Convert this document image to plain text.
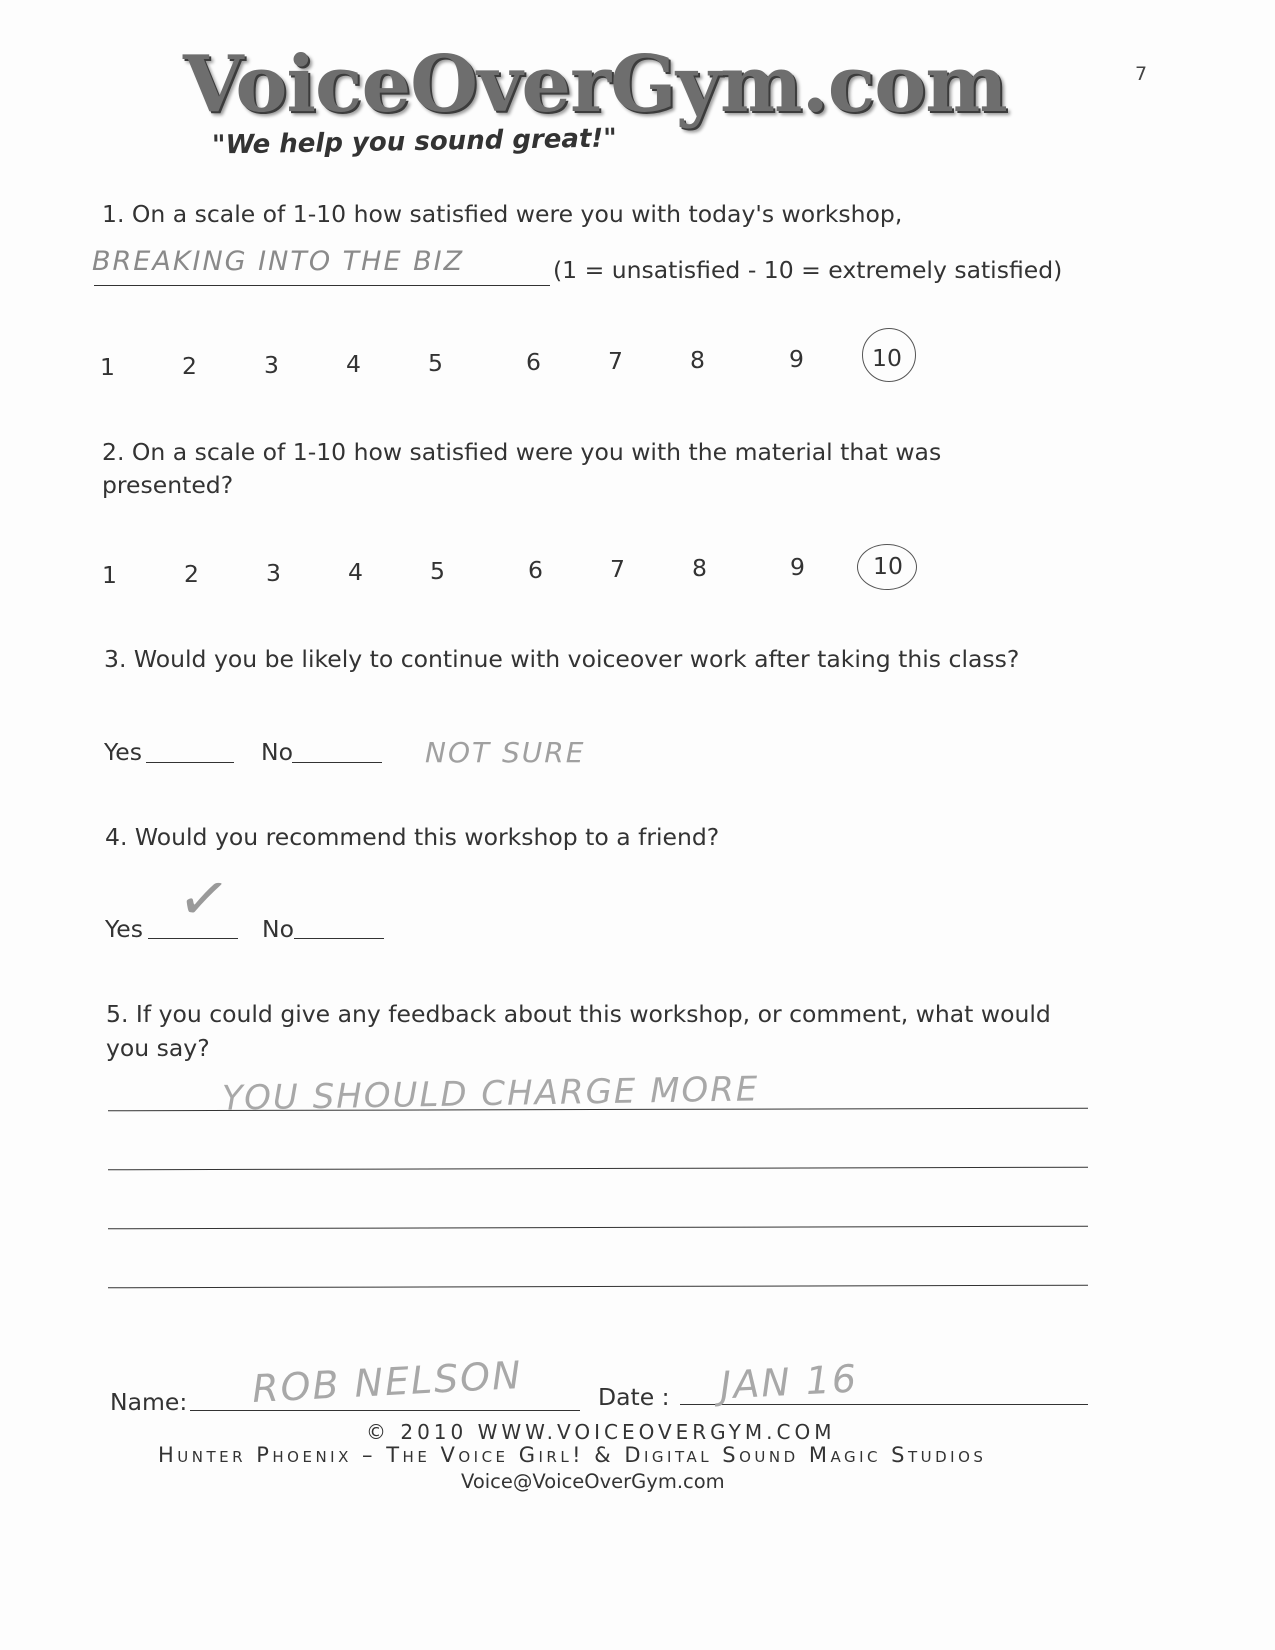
VoiceOverGym.com
"We help you sound great!"
7
1. On a scale of 1-10 how satisfied were you with today's workshop,
BREAKING INTO THE BIZ	(1 = unsatisfied - 10 = extremely satisfied)
1	2	3	4	5	6	7	8	9	10
2. On a scale of 1-10 how satisfied were you with the material that was
presented?
1	2	3	4	5	6	7	8	9	10
3. Would you be likely to continue with voiceover work after taking this class?
Yes	No	NOT SURE
4. Would you recommend this workshop to a friend?
Yes ✓ No
5. If you could give any feedback about this workshop, or comment, what would
you say?
YOU SHOULD CHARGE MORE
Name: ROB NELSON	Date : JAN 16
© 2010 WWW.VOICEOVERGYM.COM
Hunter Phoenix – The Voice Girl! & Digital Sound Magic Studios
Voice@VoiceOverGym.com
